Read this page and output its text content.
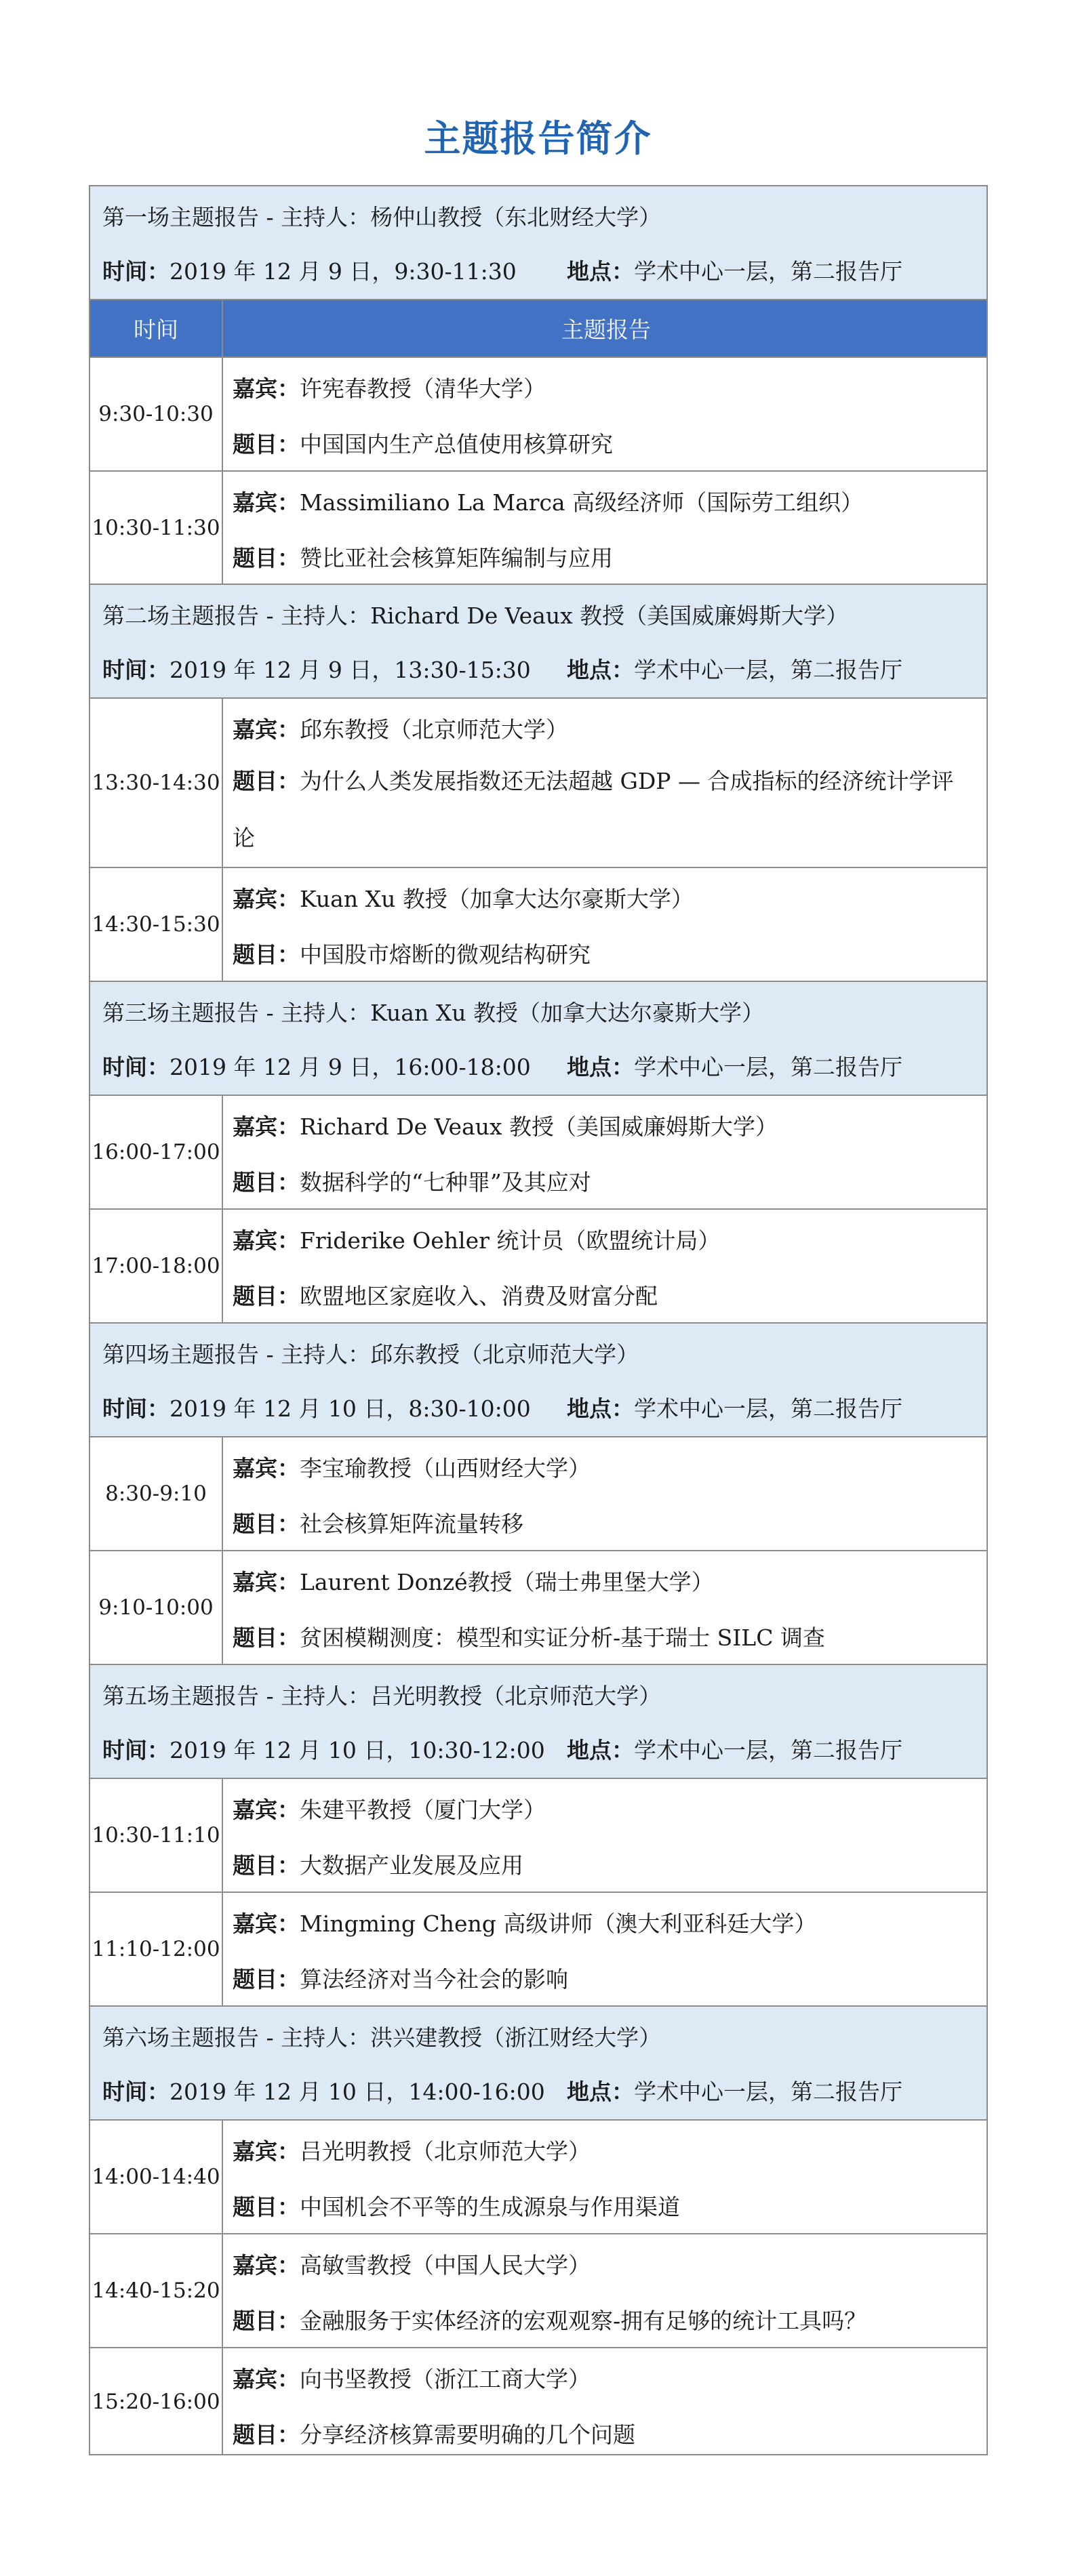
主题报告简介
第一场主题报告 - 主持人：杨仲山教授（东北财经大学）
时间：2019 年 12 月 9 日，9:30-11:30 地点：学术中心一层，第二报告厅
时间	主题报告
9:30-10:30
嘉宾：许宪春教授（清华大学）
题目：中国国内生产总值使用核算研究
10:30-11:30
嘉宾：Massimiliano La Marca 高级经济师（国际劳工组织）
题目：赞比亚社会核算矩阵编制与应用
第二场主题报告 - 主持人：Richard De Veaux 教授（美国威廉姆斯大学）
时间：2019 年 12 月 9 日，13:30-15:30 地点：学术中心一层，第二报告厅
13:30-14:30
嘉宾：邱东教授（北京师范大学）
题目：为什么人类发展指数还无法超越 GDP — 合成指标的经济统计学评论
14:30-15:30
嘉宾：Kuan Xu 教授（加拿大达尔豪斯大学）
题目：中国股市熔断的微观结构研究
第三场主题报告 - 主持人：Kuan Xu 教授（加拿大达尔豪斯大学）
时间：2019 年 12 月 9 日，16:00-18:00 地点：学术中心一层，第二报告厅
16:00-17:00
嘉宾：Richard De Veaux 教授（美国威廉姆斯大学）
题目：数据科学的“七种罪”及其应对
17:00-18:00
嘉宾：Friderike Oehler 统计员（欧盟统计局）
题目：欧盟地区家庭收入、消费及财富分配
第四场主题报告 - 主持人：邱东教授（北京师范大学）
时间：2019 年 12 月 10 日，8:30-10:00 地点：学术中心一层，第二报告厅
8:30-9:10
嘉宾：李宝瑜教授（山西财经大学）
题目：社会核算矩阵流量转移
9:10-10:00
嘉宾：Laurent Donzé教授（瑞士弗里堡大学）
题目：贫困模糊测度：模型和实证分析-基于瑞士 SILC 调查
第五场主题报告 - 主持人：吕光明教授（北京师范大学）
时间：2019 年 12 月 10 日，10:30-12:00 地点：学术中心一层，第二报告厅
10:30-11:10
嘉宾：朱建平教授（厦门大学）
题目：大数据产业发展及应用
11:10-12:00
嘉宾：Mingming Cheng 高级讲师（澳大利亚科廷大学）
题目：算法经济对当今社会的影响
第六场主题报告 - 主持人：洪兴建教授（浙江财经大学）
时间：2019 年 12 月 10 日，14:00-16:00 地点：学术中心一层，第二报告厅
14:00-14:40
嘉宾：吕光明教授（北京师范大学）
题目：中国机会不平等的生成源泉与作用渠道
14:40-15:20
嘉宾：高敏雪教授（中国人民大学）
题目：金融服务于实体经济的宏观观察-拥有足够的统计工具吗？
15:20-16:00
嘉宾：向书坚教授（浙江工商大学）
题目：分享经济核算需要明确的几个问题
